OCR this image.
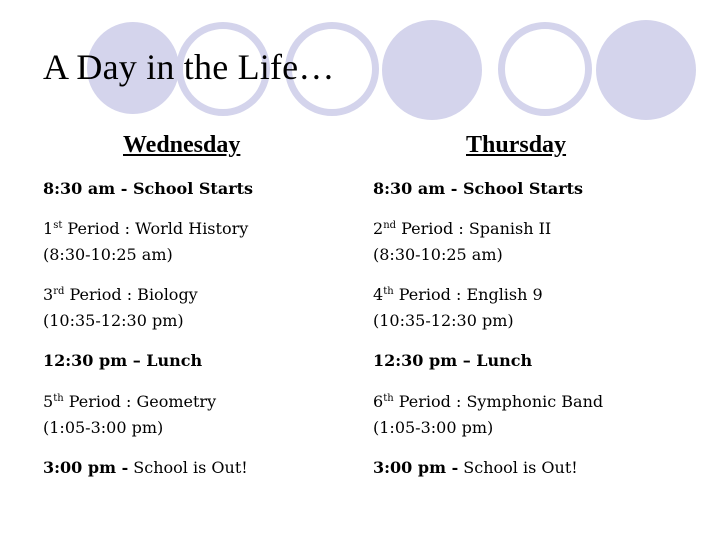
A Day in the Life…
Wednesday	Thursday
8:30 am - School Starts
1st Period : World History
(8:30-10:25 am)
3rd Period : Biology
(10:35-12:30 pm)
12:30 pm – Lunch
5th Period : Geometry
(1:05-3:00 pm)
3:00 pm - School is Out!
8:30 am - School Starts
2nd Period : Spanish II
(8:30-10:25 am)
4th Period : English 9
(10:35-12:30 pm)
12:30 pm – Lunch
6th Period : Symphonic Band
(1:05-3:00 pm)
3:00 pm - School is Out!
